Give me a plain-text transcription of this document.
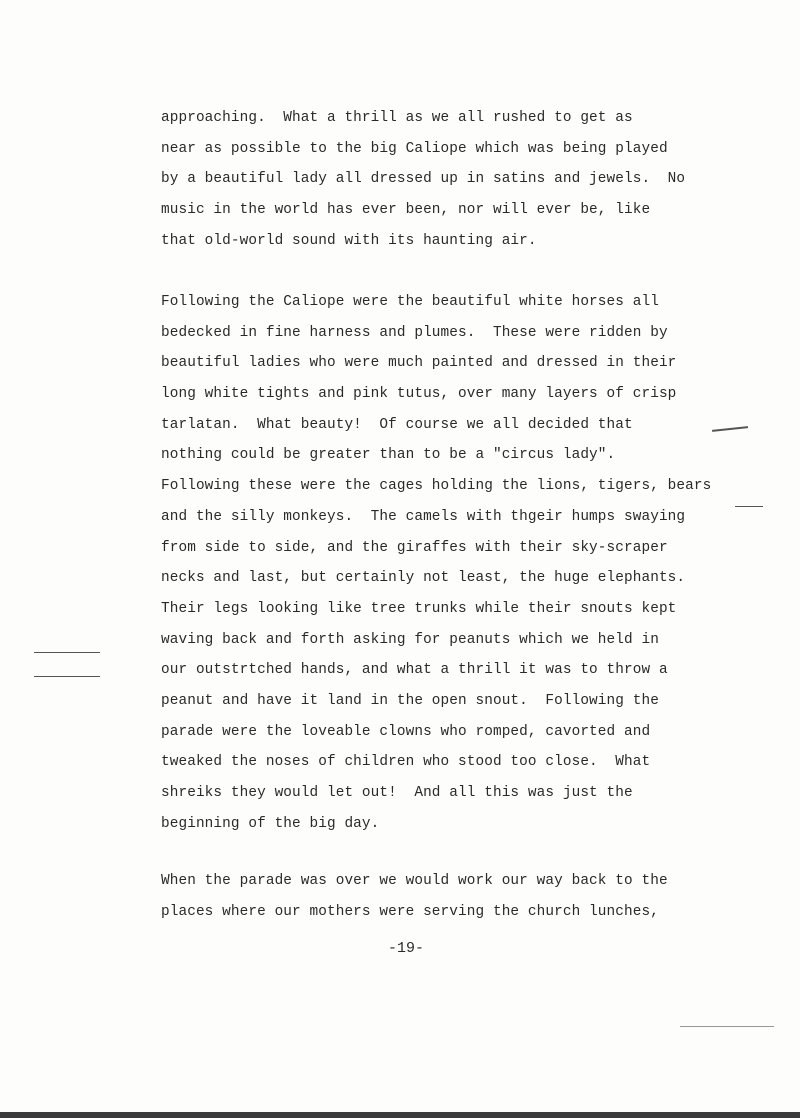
approaching.  What a thrill as we all rushed to get as
near as possible to the big Caliope which was being played
by a beautiful lady all dressed up in satins and jewels.  No
music in the world has ever been, nor will ever be, like
that old-world sound with its haunting air.
Following the Caliope were the beautiful white horses all
bedecked in fine harness and plumes.  These were ridden by
beautiful ladies who were much painted and dressed in their
long white tights and pink tutus, over many layers of crisp
tarlatan.  What beauty!  Of course we all decided that
nothing could be greater than to be a "circus lady".
Following these were the cages holding the lions, tigers, bears
and the silly monkeys.  The camels with thgeir humps swaying
from side to side, and the giraffes with their sky-scraper
necks and last, but certainly not least, the huge elephants.
Their legs looking like tree trunks while their snouts kept
waving back and forth asking for peanuts which we held in
our outstrtched hands, and what a thrill it was to throw a
peanut and have it land in the open snout.  Following the
parade were the loveable clowns who romped, cavorted and
tweaked the noses of children who stood too close.  What
shreiks they would let out!  And all this was just the
beginning of the big day.
When the parade was over we would work our way back to the
places where our mothers were serving the church lunches,
-19-
